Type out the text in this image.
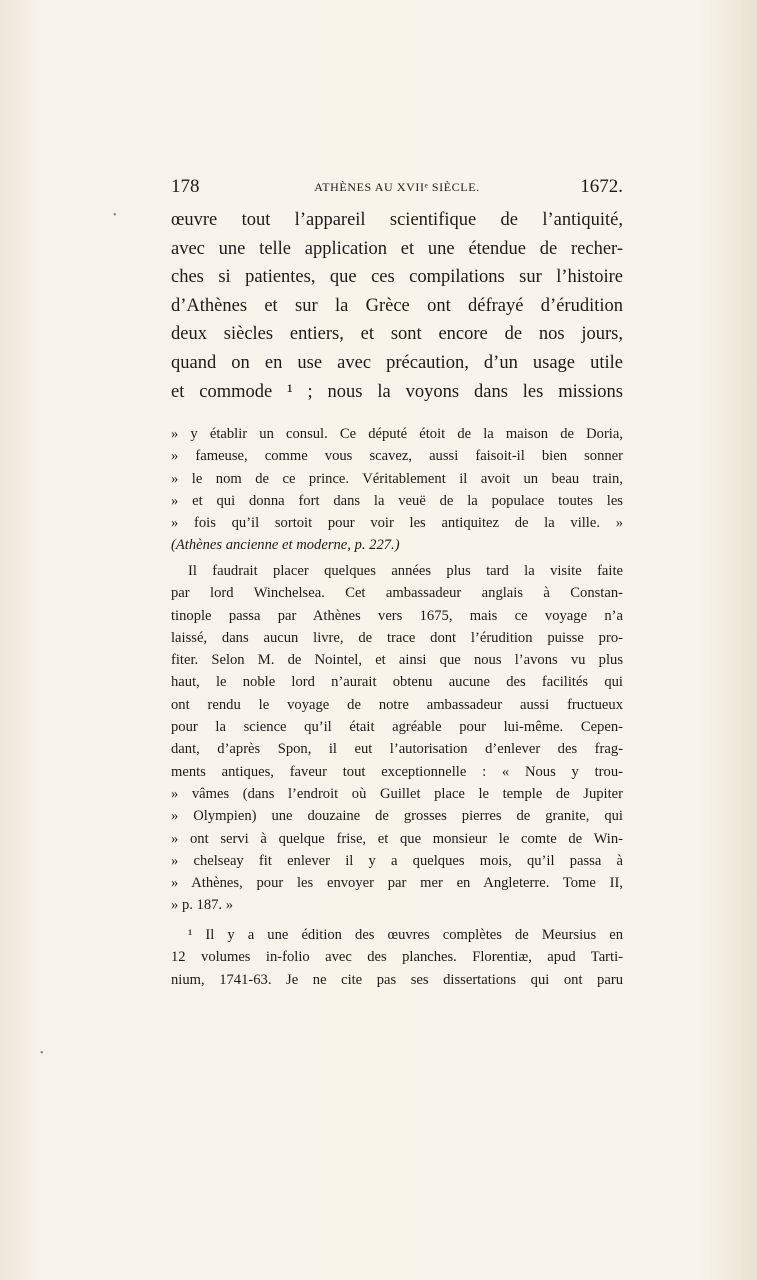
178	ATHÈNES AU XVIIᵉ SIÈCLE.	1672.
œuvre tout l’appareil scientifique de l’antiquité,
avec une telle application et une étendue de recher-
ches si patientes, que ces compilations sur l’histoire
d’Athènes et sur la Grèce ont défrayé d’érudition
deux siècles entiers, et sont encore de nos jours,
quand on en use avec précaution, d’un usage utile
et commode ¹ ; nous la voyons dans les missions
» y établir un consul. Ce député étoit de la maison de Doria,
» fameuse, comme vous scavez, aussi faisoit-il bien sonner
» le nom de ce prince. Véritablement il avoit un beau train,
» et qui donna fort dans la veuë de la populace toutes les
» fois qu’il sortoit pour voir les antiquitez de la ville. »
(Athènes ancienne et moderne, p. 227.)
Il faudrait placer quelques années plus tard la visite faite
par lord Winchelsea. Cet ambassadeur anglais à Constan-
tinople passa par Athènes vers 1675, mais ce voyage n’a
laissé, dans aucun livre, de trace dont l’érudition puisse pro-
fiter. Selon M. de Nointel, et ainsi que nous l’avons vu plus
haut, le noble lord n’aurait obtenu aucune des facilités qui
ont rendu le voyage de notre ambassadeur aussi fructueux
pour la science qu’il était agréable pour lui-même. Cepen-
dant, d’après Spon, il eut l’autorisation d’enlever des frag-
ments antiques, faveur tout exceptionnelle : « Nous y trou-
» vâmes (dans l’endroit où Guillet place le temple de Jupiter
» Olympien) une douzaine de grosses pierres de granite, qui
» ont servi à quelque frise, et que monsieur le comte de Win-
» chelseay fit enlever il y a quelques mois, qu’il passa à
» Athènes, pour les envoyer par mer en Angleterre. Tome II,
» p. 187. »
¹ Il y a une édition des œuvres complètes de Meursius en
12 volumes in-folio avec des planches. Florentiæ, apud Tarti-
nium, 1741-63. Je ne cite pas ses dissertations qui ont paru
•
•
